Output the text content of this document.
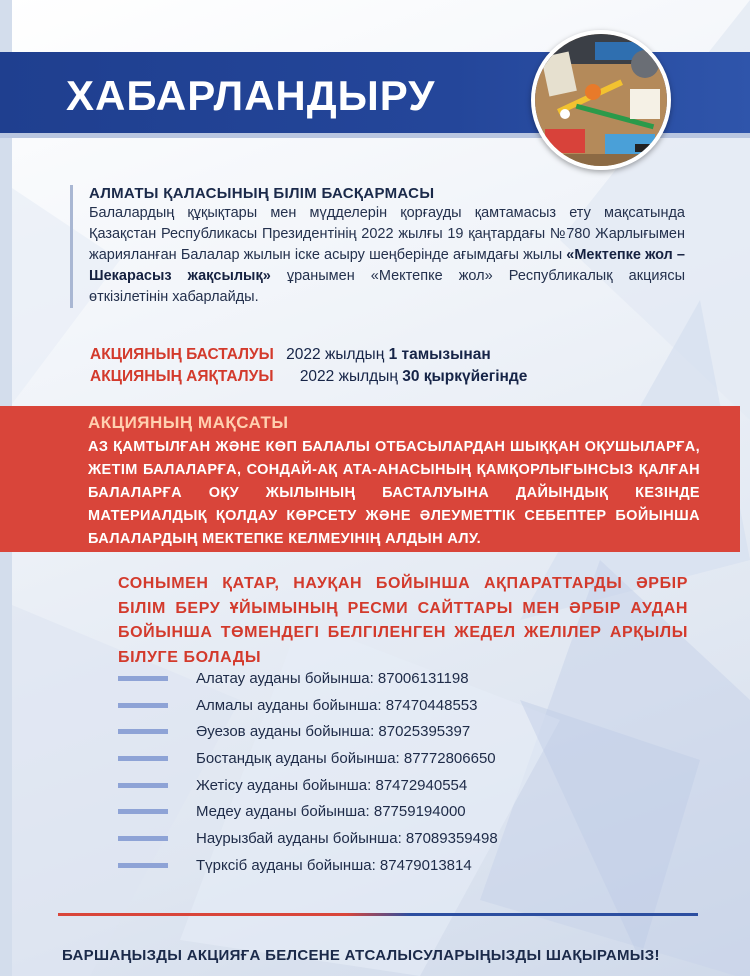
ХАБАРЛАНДЫРУ
АЛМАТЫ ҚАЛАСЫНЫҢ БІЛІМ БАСҚАРМАСЫ
Балалардың құқықтары мен мүдделерін қорғауды қамтамасыз ету мақсатында Қазақстан Республикасы Президентінің 2022 жылғы 19 қаңтардағы №780 Жарлығымен жарияланған Балалар жылын іске асыру шеңберінде ағымдағы жылы «Мектепке жол – Шекарасыз жақсылық» ұранымен «Мектепке жол» Республикалық акциясы өткізілетінін хабарлайды.
АКЦИЯНЫҢ БАСТАЛУЫ 2022 жылдың 1 тамызынан
АКЦИЯНЫҢ АЯҚТАЛУЫ 2022 жылдың 30 қыркүйегінде
АКЦИЯНЫҢ МАҚСАТЫ
АЗ ҚАМТЫЛҒАН ЖӘНЕ КӨП БАЛАЛЫ ОТБАСЫЛАРДАН ШЫҚҚАН ОҚУШЫЛАРҒА, ЖЕТІМ БАЛАЛАРҒА, СОНДАЙ-АҚ АТА-АНАСЫНЫҢ ҚАМҚОРЛЫҒЫНСЫЗ ҚАЛҒАН БАЛАЛАРҒА ОҚУ ЖЫЛЫНЫҢ БАСТАЛУЫНА ДАЙЫНДЫҚ КЕЗІНДЕ МАТЕРИАЛДЫҚ ҚОЛДАУ КӨРСЕТУ ЖӘНЕ ӘЛЕУМЕТТІК СЕБЕПТЕР БОЙЫНША БАЛАЛАРДЫҢ МЕКТЕПКЕ КЕЛМЕУІНІҢ АЛДЫН АЛУ.
СОНЫМЕН ҚАТАР, НАУҚАН БОЙЫНША АҚПАРАТТАРДЫ ӘРБІР БІЛІМ БЕРУ ҰЙЫМЫНЫҢ РЕСМИ САЙТТАРЫ МЕН ӘРБІР АУДАН БОЙЫНША ТӨМЕНДЕГІ БЕЛГІЛЕНГЕН ЖЕДЕЛ ЖЕЛІЛЕР АРҚЫЛЫ БІЛУГЕ БОЛАДЫ
Алатау ауданы бойынша: 87006131198
Алмалы ауданы бойынша: 87470448553
Әуезов ауданы бойынша: 87025395397
Бостандық ауданы бойынша: 87772806650
Жетісу ауданы бойынша: 87472940554
Медеу ауданы бойынша: 87759194000
Наурызбай ауданы бойынша: 87089359498
Түрксіб ауданы бойынша: 87479013814
БАРШАҢЫЗДЫ АКЦИЯҒА БЕЛСЕНЕ АТСАЛЫСУЛАРЫҢЫЗДЫ ШАҚЫРАМЫЗ!
